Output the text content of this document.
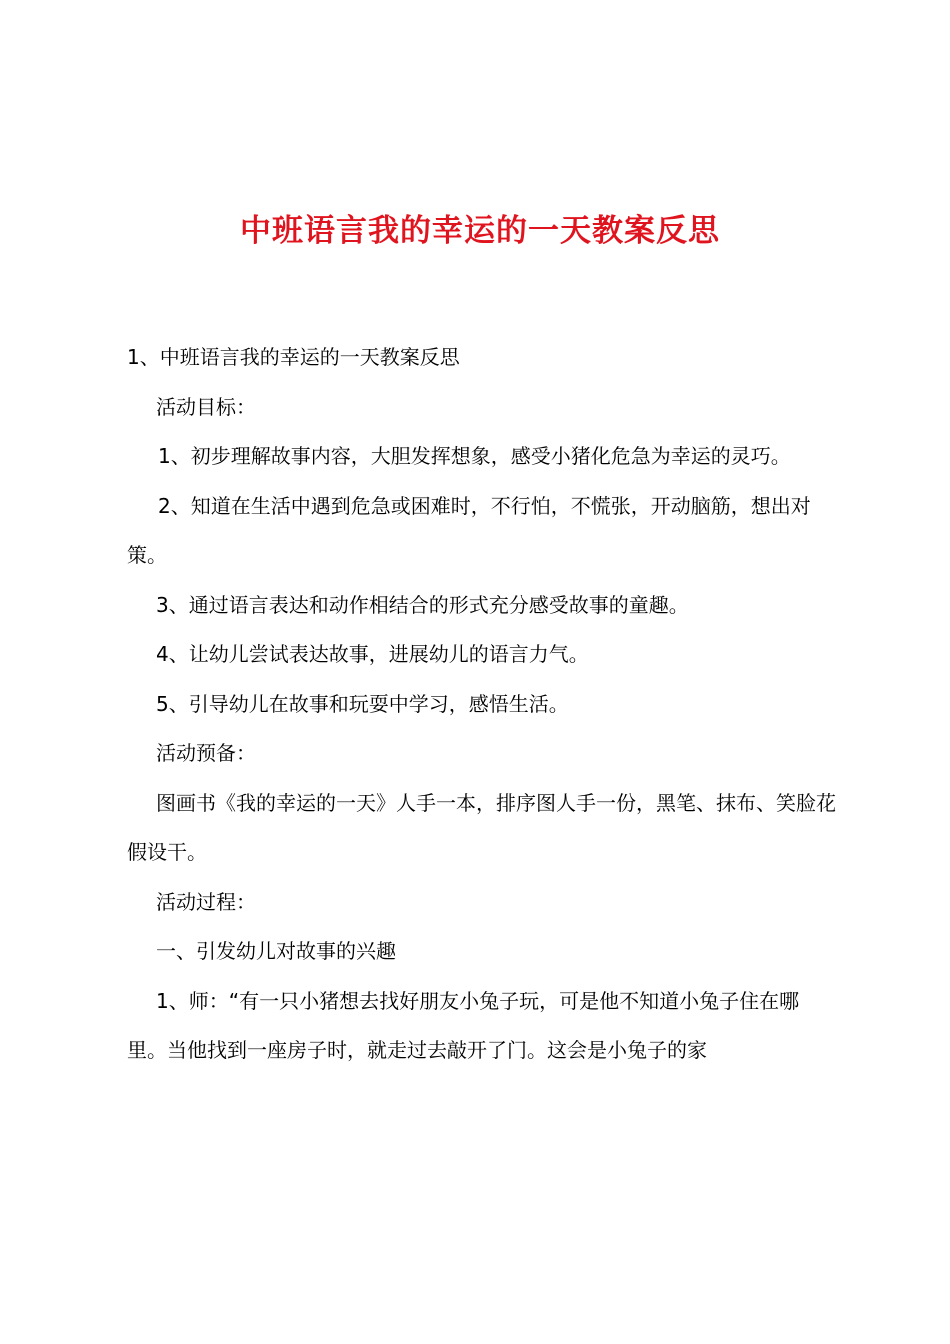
中班语言我的幸运的一天教案反思

1、中班语言我的幸运的一天教案反思

活动目标：

1、初步理解故事内容，大胆发挥想象，感受小猪化危急为幸运的灵巧。

2、知道在生活中遇到危急或困难时，不行怕，不慌张，开动脑筋，想出对策。

3、通过语言表达和动作相结合的形式充分感受故事的童趣。

4、让幼儿尝试表达故事，进展幼儿的语言力气。

5、引导幼儿在故事和玩耍中学习，感悟生活。

活动预备：

图画书《我的幸运的一天》人手一本，排序图人手一份，黑笔、抹布、笑脸花假设干。

活动过程：

一、引发幼儿对故事的兴趣

1、师：“有一只小猪想去找好朋友小兔子玩，可是他不知道小兔子住在哪里。当他找到一座房子时，就走过去敲开了门。这会是小兔子的家
